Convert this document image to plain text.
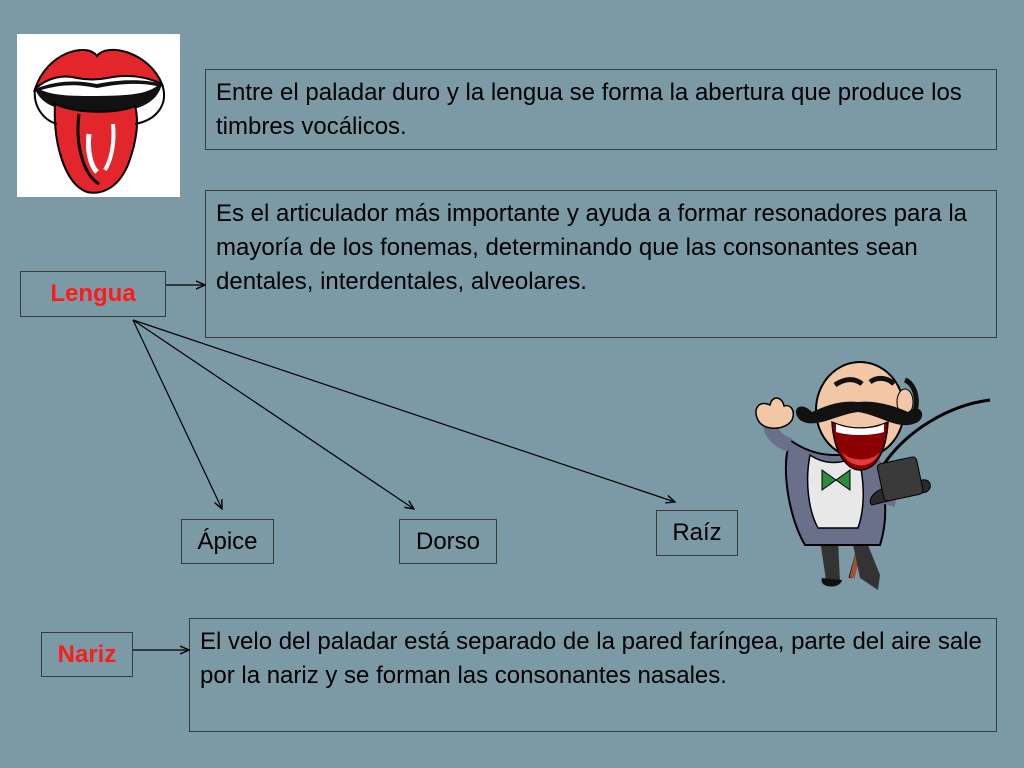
Entre el paladar duro y la lengua se forma la abertura que produce los timbres vocálicos.
Es el articulador más importante y ayuda a formar resonadores para la mayoría de los fonemas, determinando que las consonantes sean dentales, interdentales, alveolares.
El velo del paladar está separado de la pared faríngea, parte del aire sale por la nariz y se forman las consonantes nasales.
Lengua
Nariz
Ápice	Dorso	Raíz
